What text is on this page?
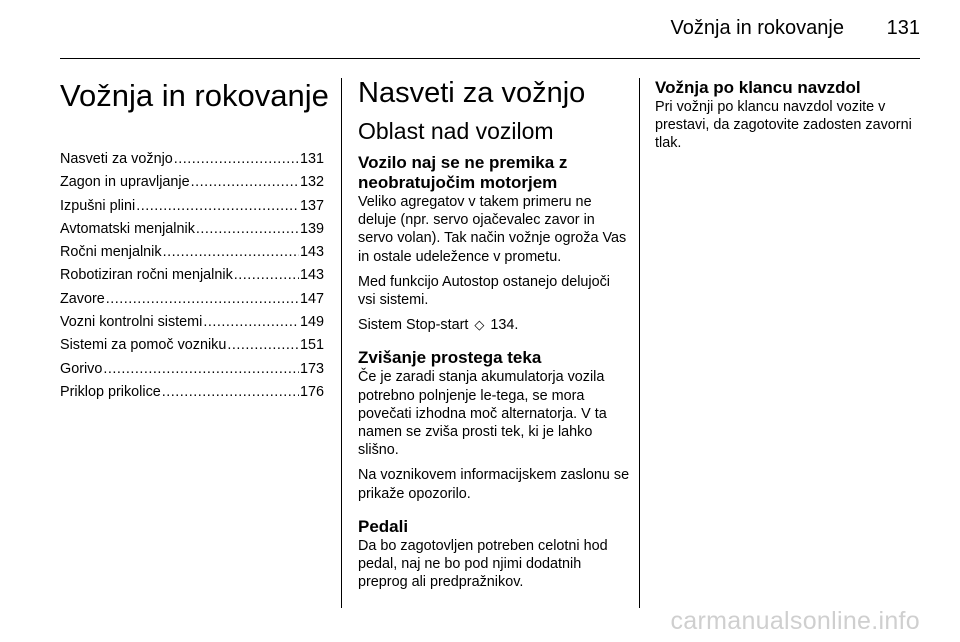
Vožnja in rokovanje 131
Vožnja in rokovanje
Nasveti za vožnjo .....	131
Zagon in upravljanje .....	132
Izpušni plini .....	137
Avtomatski menjalnik .....	139
Ročni menjalnik .....	143
Robotiziran ročni menjalnik .....	143
Zavore .....	147
Vozni kontrolni sistemi .....	149
Sistemi za pomoč vozniku .....	151
Gorivo .....	173
Priklop prikolice .....	176
Nasveti za vožnjo
Oblast nad vozilom
Vozilo naj se ne premika z neobratujočim motorjem

Veliko agregatov v takem primeru ne deluje (npr. servo ojačevalec zavor in servo volan). Tak način vožnje ogroža Vas in ostale udeležence v prometu.

Med funkcijo Autostop ostanejo delujoči vsi sistemi.

Sistem Stop-start ◇ 134.

Zvišanje prostega teka

Če je zaradi stanja akumulatorja vozila potrebno polnjenje le-tega, se mora povečati izhodna moč alternatorja. V ta namen se zviša prosti tek, ki je lahko slišno.

Na voznikovem informacijskem zaslonu se prikaže opozorilo.

Pedali

Da bo zagotovljen potreben celotni hod pedal, naj ne bo pod njimi dodatnih preprog ali predpražnikov.

Vožnja po klancu navzdol

Pri vožnji po klancu navzdol vozite v prestavi, da zagotovite zadosten zavorni tlak.

carmanualsonline.info
